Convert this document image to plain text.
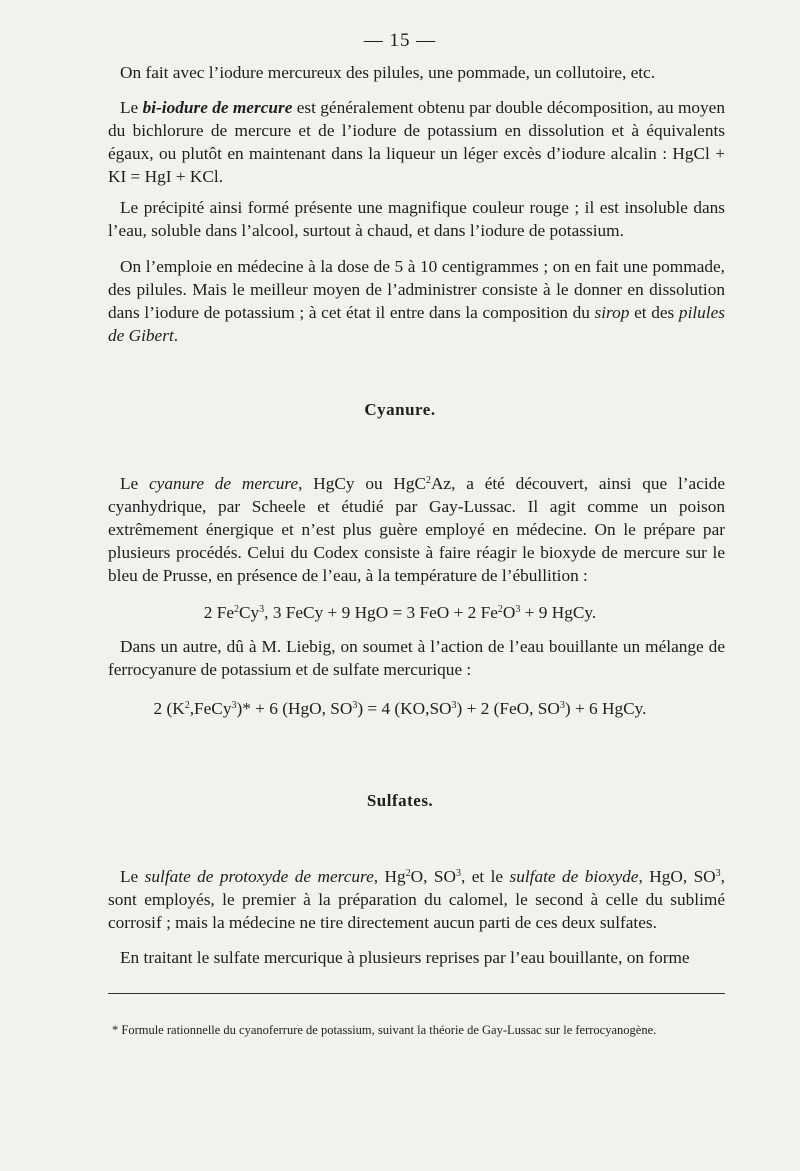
— 15 —

On fait avec l’iodure mercureux des pilules, une pommade, un collutoire, etc.

Le bi-iodure de mercure est généralement obtenu par double décomposition, au moyen du bichlorure de mercure et de l’iodure de potassium en dissolution et à équivalents égaux, ou plutôt en maintenant dans la liqueur un léger excès d’iodure alcalin : HgCl + KI = HgI + KCl.

Le précipité ainsi formé présente une magnifique couleur rouge ; il est insoluble dans l’eau, soluble dans l’alcool, surtout à chaud, et dans l’iodure de potassium.

On l’emploie en médecine à la dose de 5 à 10 centigrammes ; on en fait une pommade, des pilules. Mais le meilleur moyen de l’administrer consiste à le donner en dissolution dans l’iodure de potassium ; à cet état il entre dans la composition du sirop et des pilules de Gibert.

Cyanure.

Le cyanure de mercure, HgCy ou HgC$^2$Az, a été découvert, ainsi que l’acide cyanhydrique, par Scheele et étudié par Gay-Lussac. Il agit comme un poison extrêmement énergique et n’est plus guère employé en médecine. On le prépare par plusieurs procédés. Celui du Codex consiste à faire réagir le bioxyde de mercure sur le bleu de Prusse, en présence de l’eau, à la température de l’ébullition :

2 Fe$^2$Cy$^3$, 3 FeCy + 9 HgO = 3 FeO + 2 $Fe^2O^3 + 9$ HgCy.

Dans un autre, dû à M. Liebig, on soumet à l’action de l’eau bouillante un mélange de ferrocyanure de potassium et de sulfate mercurique :

2 $(K^2,FeCy^3)* + 6$ (HgO, $SO^3) = 4$ $(KO,SO^3) + 2$ (FeO, $SO^3) + 6$ HgCy.
Sulfates.

Le sulfate de protoxyde de mercure, Hg$^2$O, $SO^3$, et le sulfate de bioxyde, HgO, $SO^3$, sont employés, le premier à la préparation du calomel, le second à celle du sublimé corrosif ; mais la médecine ne tire directement aucun parti de ces deux sulfates.

En traitant le sulfate mercurique à plusieurs reprises par l’eau bouillante, on forme

* Formule rationnelle du cyanoferrure de potassium, suivant la théorie de Gay-Lussac sur le ferrocyanogène.
